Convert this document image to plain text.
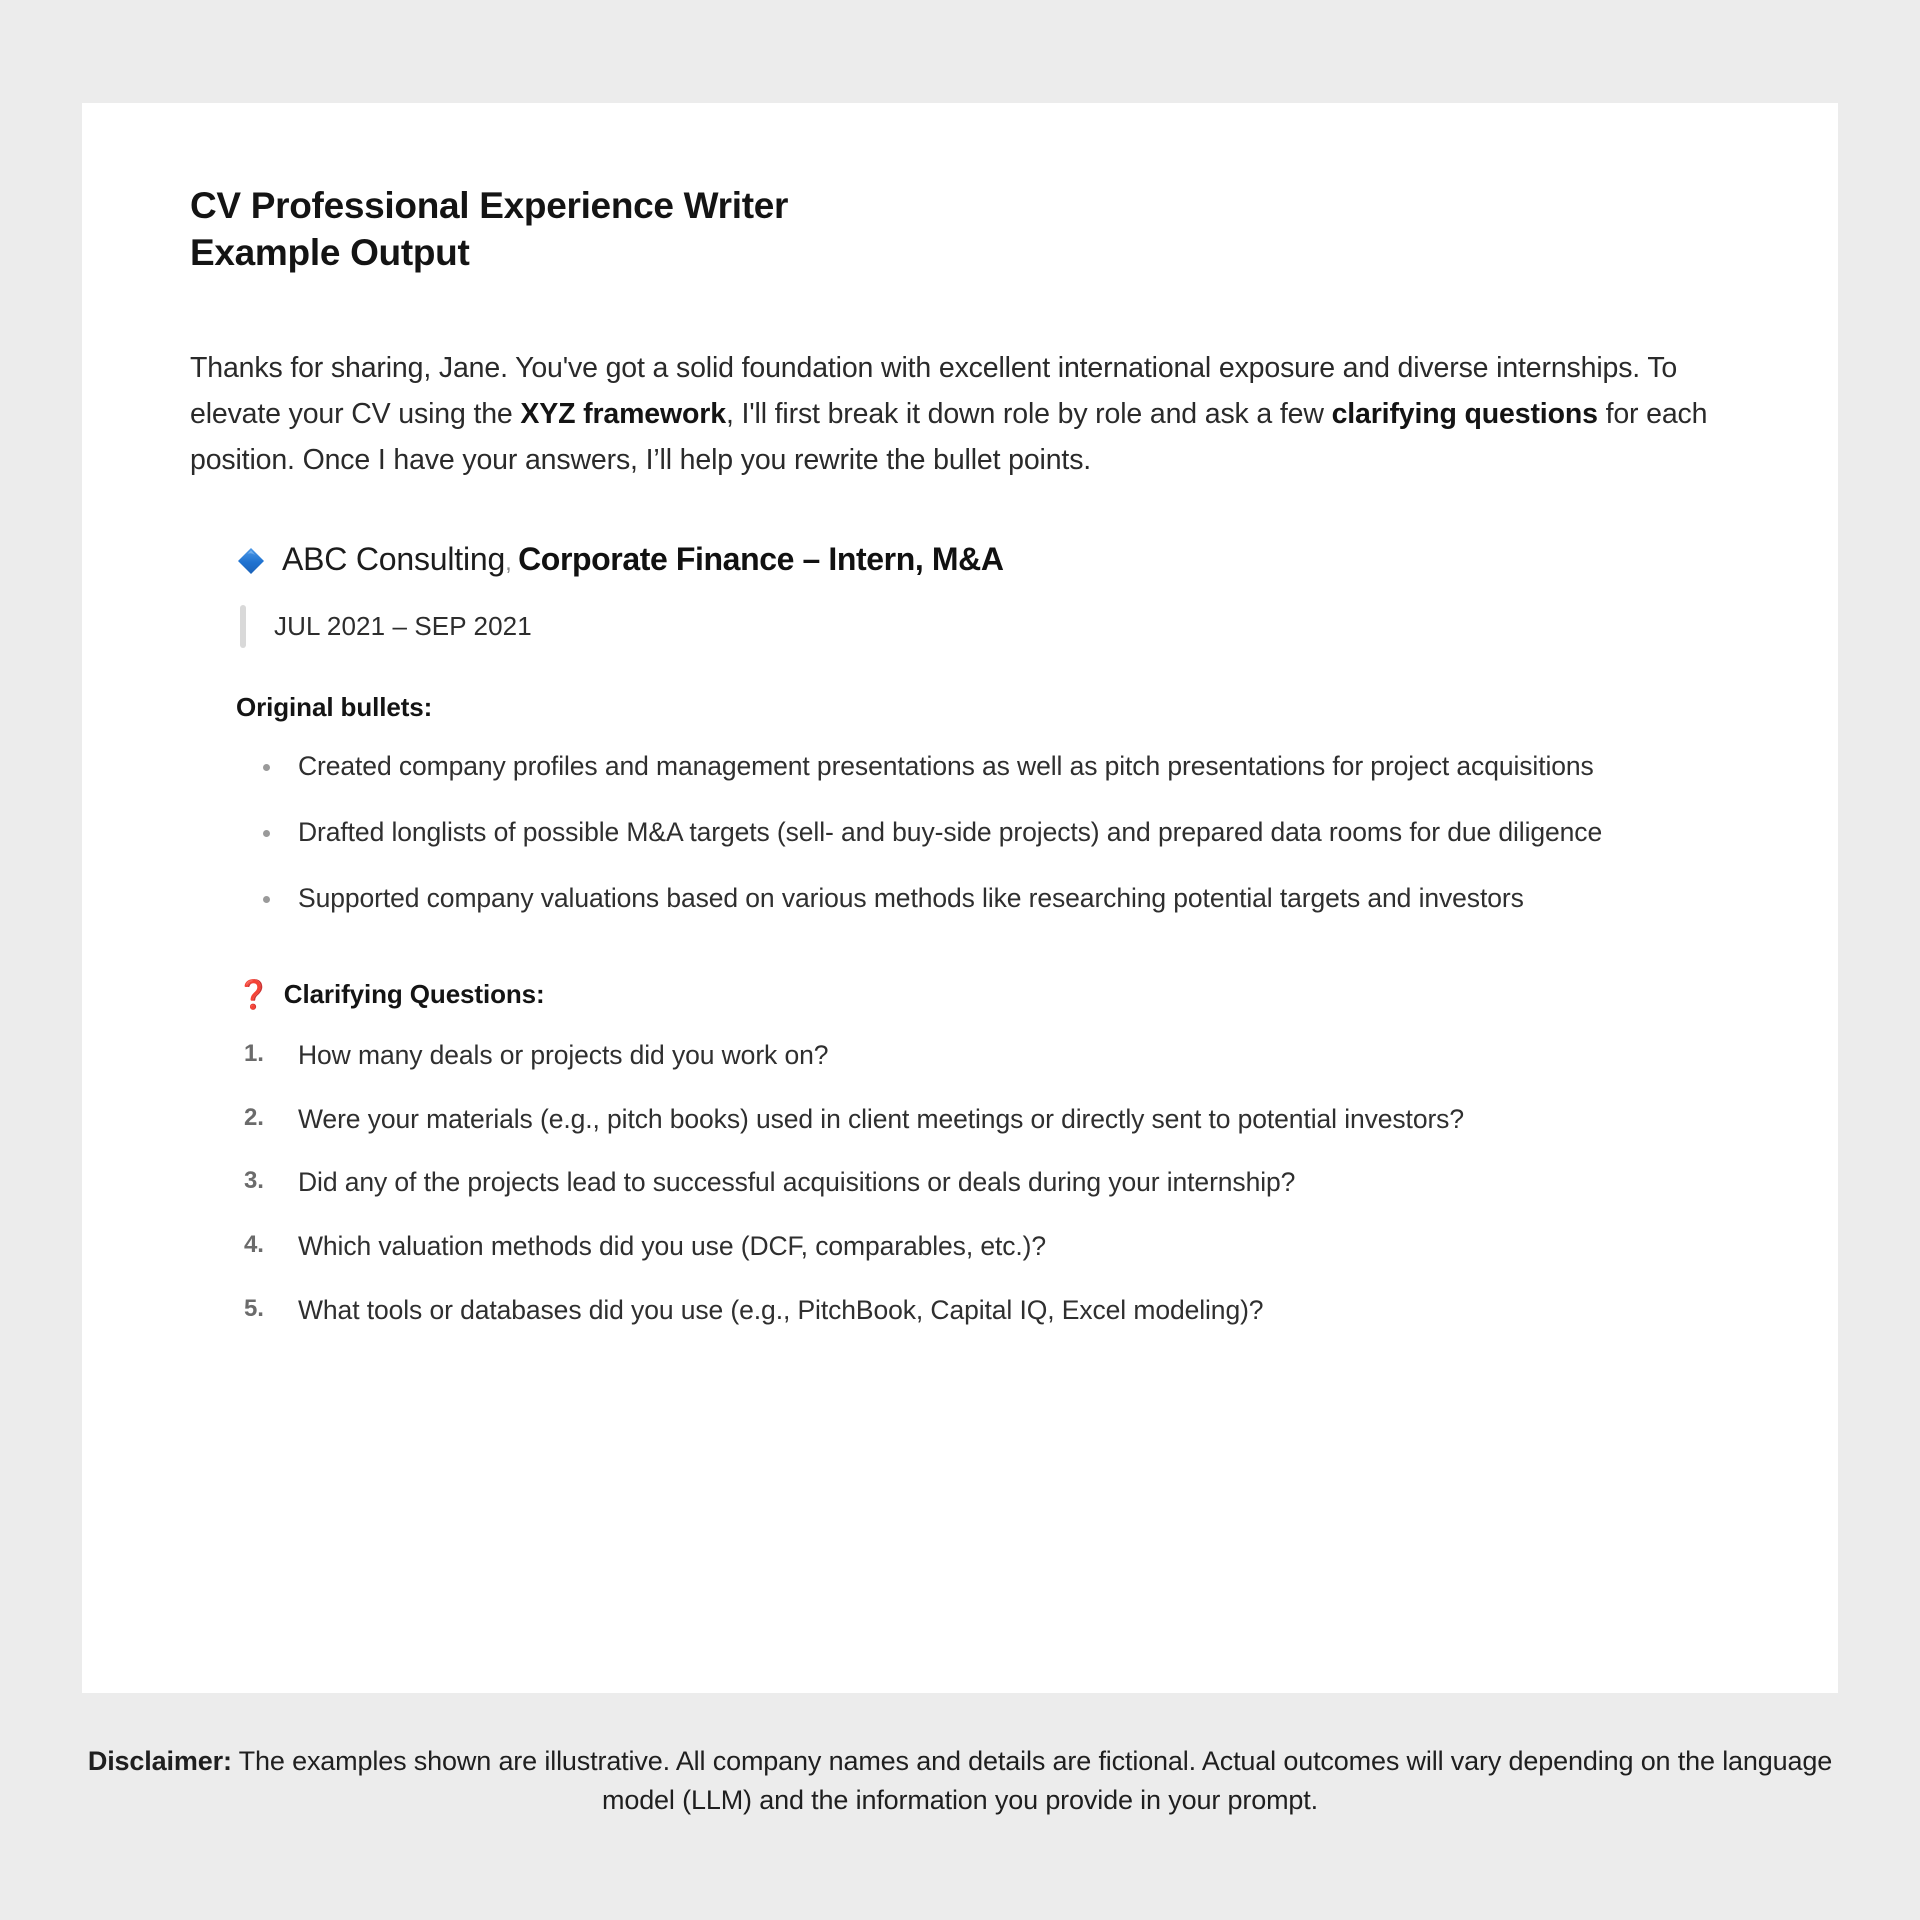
CV Professional Experience Writer
Example Output

Thanks for sharing, Jane. You've got a solid foundation with excellent international exposure and diverse internships. To elevate your CV using the XYZ framework, I'll first break it down role by role and ask a few clarifying questions for each position. Once I have your answers, I’ll help you rewrite the bullet points.

ABC Consulting , Corporate Finance – Intern, M&A
JUL 2021 – SEP 2021
Original bullets:
Created company profiles and management presentations as well as pitch presentations for project acquisitions
Drafted longlists of possible M&A targets (sell- and buy-side projects) and prepared data rooms for due diligence
Supported company valuations based on various methods like researching potential targets and investors
❓ Clarifying Questions:
1.	How many deals or projects did you work on?
2.	Were your materials (e.g., pitch books) used in client meetings or directly sent to potential investors?
3.	Did any of the projects lead to successful acquisitions or deals during your internship?
4.	Which valuation methods did you use (DCF, comparables, etc.)?
5.	What tools or databases did you use (e.g., PitchBook, Capital IQ, Excel modeling)?
Disclaimer: The examples shown are illustrative. All company names and details are fictional. Actual outcomes will vary depending on the language model (LLM) and the information you provide in your prompt.
